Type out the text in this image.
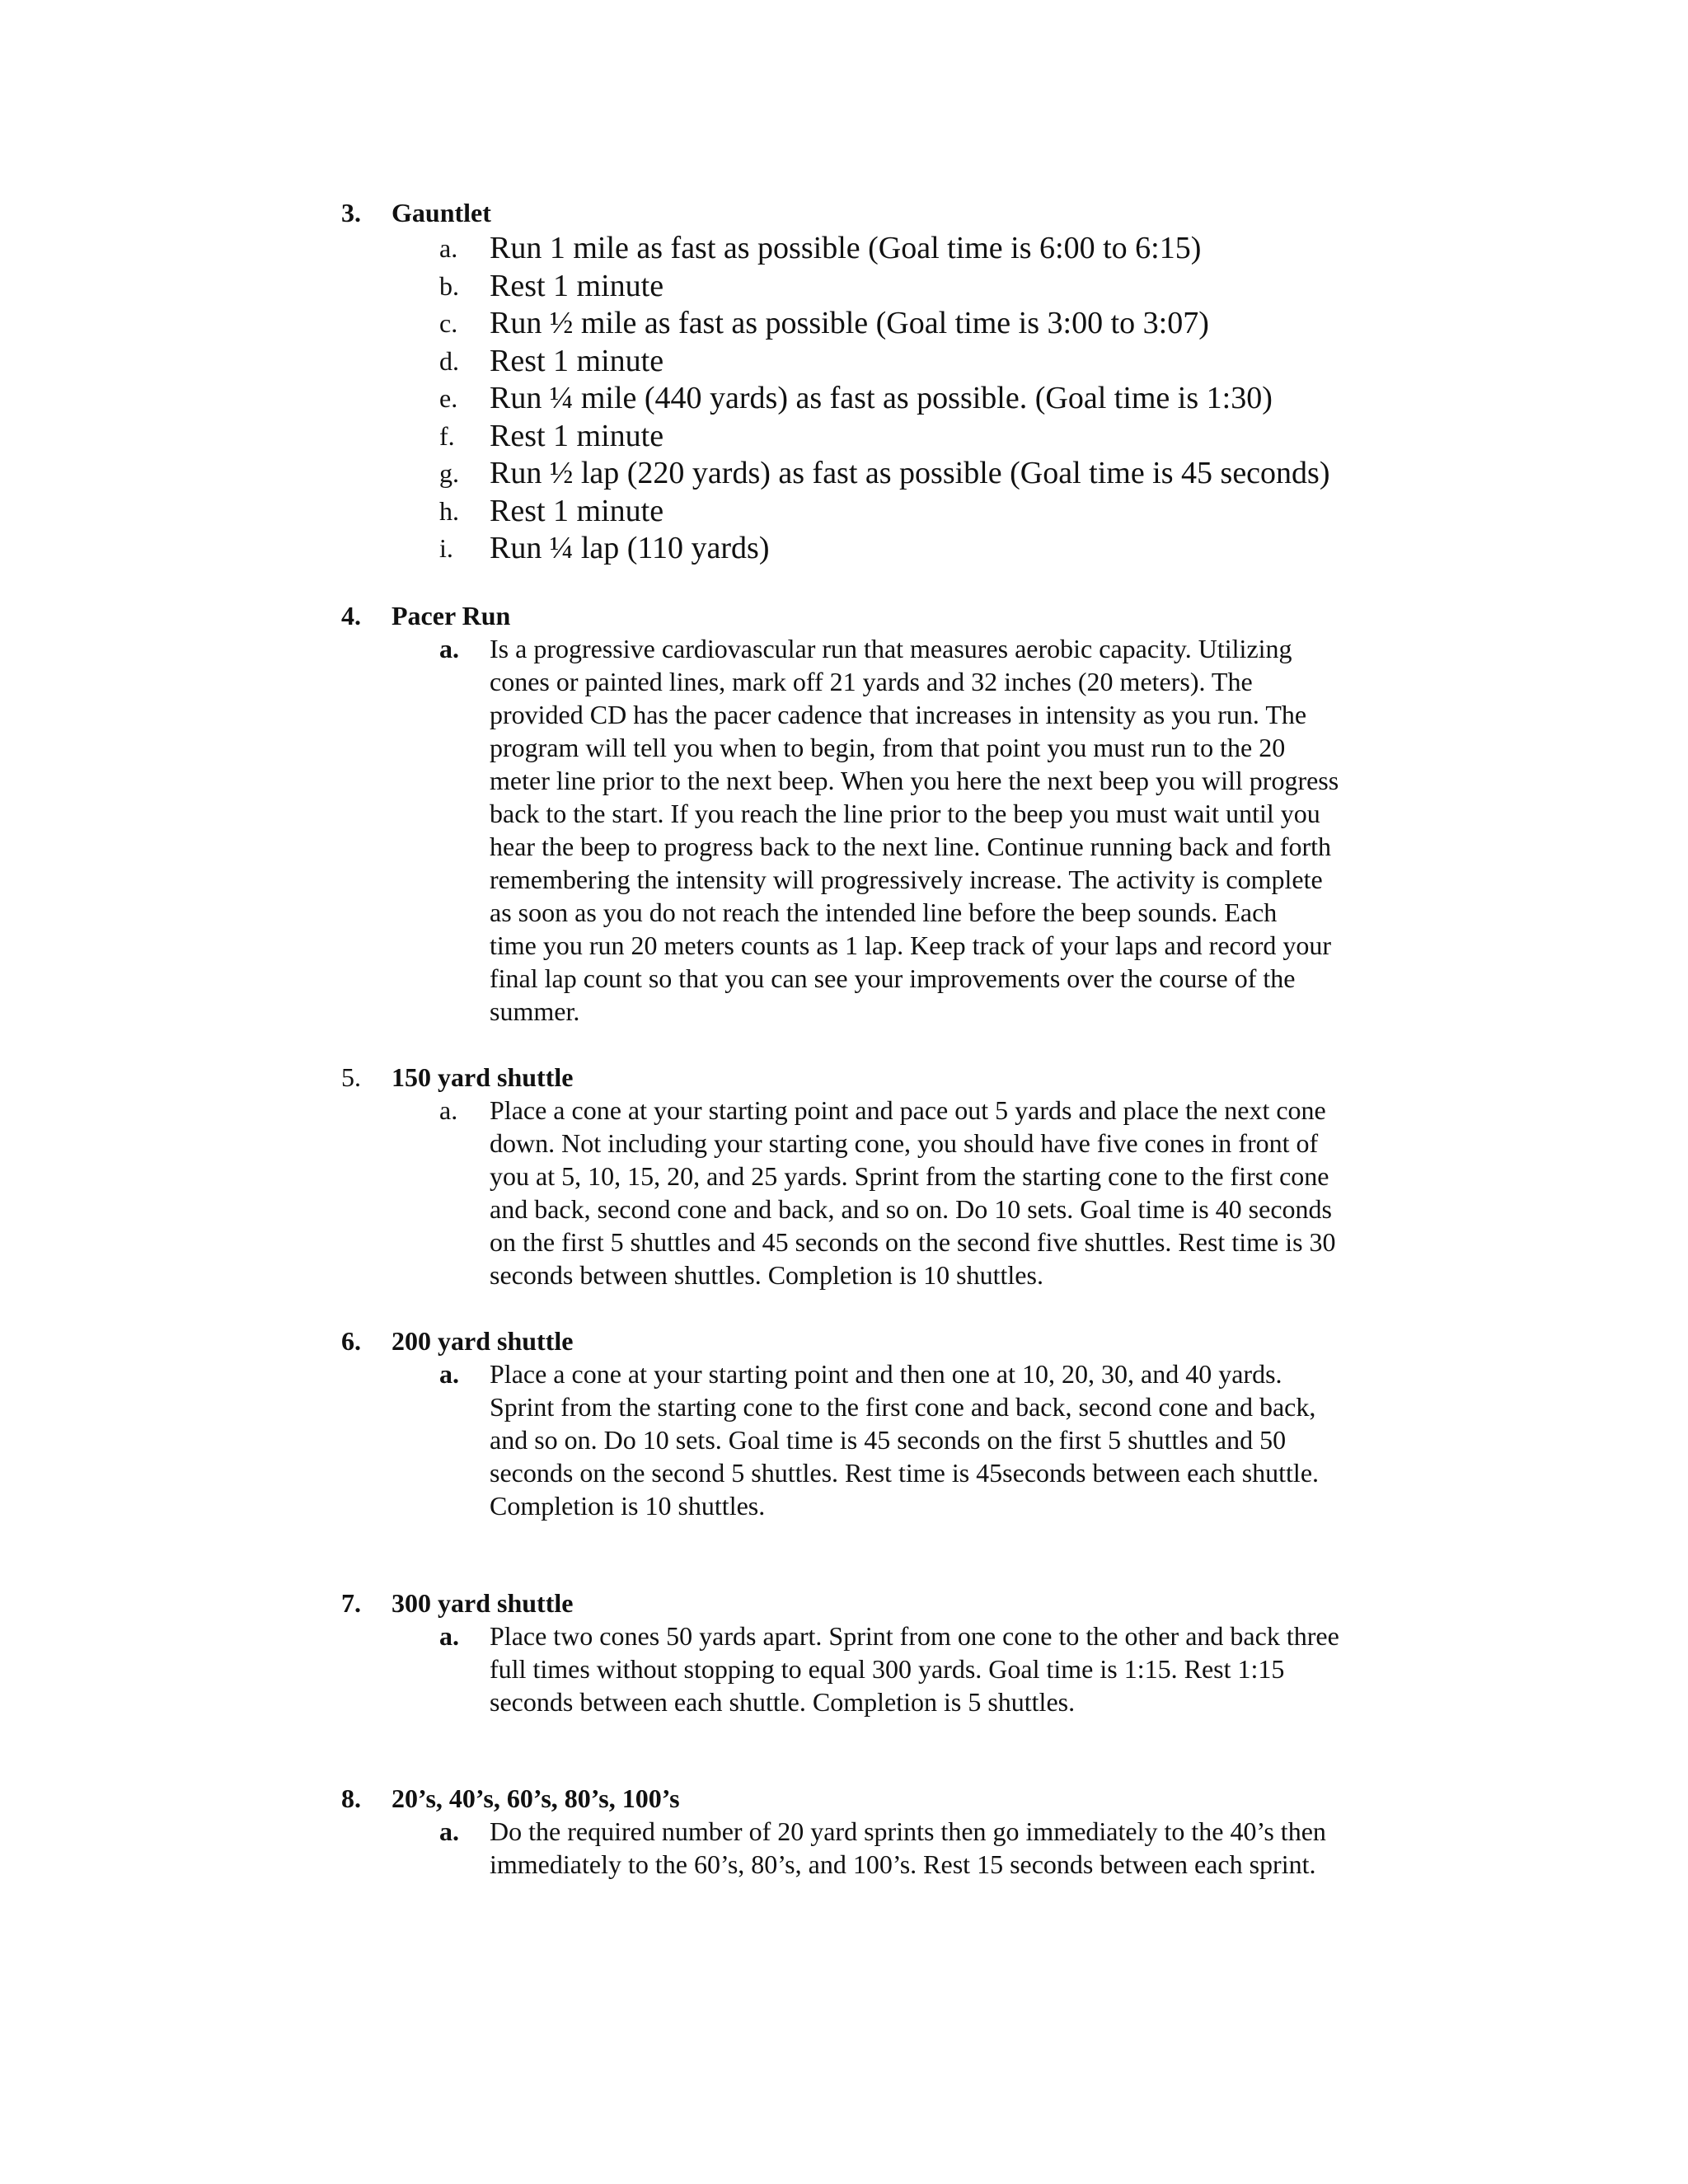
3. Gauntlet
a. Run 1 mile as fast as possible (Goal time is 6:00 to 6:15)
b. Rest 1 minute
c. Run ½ mile as fast as possible (Goal time is 3:00 to 3:07)
d. Rest 1 minute
e. Run ¼ mile (440 yards) as fast as possible. (Goal time is 1:30)
f. Rest 1 minute
g. Run ½ lap (220 yards) as fast as possible (Goal time is 45 seconds)
h. Rest 1 minute
i. Run ¼ lap (110 yards)
4. Pacer Run
a. Is a progressive cardiovascular run that measures aerobic capacity. Utilizing
cones or painted lines, mark off 21 yards and 32 inches (20 meters). The
provided CD has the pacer cadence that increases in intensity as you run. The
program will tell you when to begin, from that point you must run to the 20
meter line prior to the next beep. When you here the next beep you will progress
back to the start. If you reach the line prior to the beep you must wait until you
hear the beep to progress back to the next line. Continue running back and forth
remembering the intensity will progressively increase. The activity is complete
as soon as you do not reach the intended line before the beep sounds. Each
time you run 20 meters counts as 1 lap. Keep track of your laps and record your
final lap count so that you can see your improvements over the course of the
summer.
5. 150 yard shuttle
a. Place a cone at your starting point and pace out 5 yards and place the next cone
down. Not including your starting cone, you should have five cones in front of
you at 5, 10, 15, 20, and 25 yards. Sprint from the starting cone to the first cone
and back, second cone and back, and so on. Do 10 sets. Goal time is 40 seconds
on the first 5 shuttles and 45 seconds on the second five shuttles. Rest time is 30
seconds between shuttles. Completion is 10 shuttles.
6. 200 yard shuttle
a. Place a cone at your starting point and then one at 10, 20, 30, and 40 yards.
Sprint from the starting cone to the first cone and back, second cone and back,
and so on. Do 10 sets. Goal time is 45 seconds on the first 5 shuttles and 50
seconds on the second 5 shuttles. Rest time is 45seconds between each shuttle.
Completion is 10 shuttles.
7. 300 yard shuttle
a. Place two cones 50 yards apart. Sprint from one cone to the other and back three
full times without stopping to equal 300 yards. Goal time is 1:15. Rest 1:15
seconds between each shuttle. Completion is 5 shuttles.
8. 20’s, 40’s, 60’s, 80’s, 100’s
a. Do the required number of 20 yard sprints then go immediately to the 40’s then
immediately to the 60’s, 80’s, and 100’s. Rest 15 seconds between each sprint.
